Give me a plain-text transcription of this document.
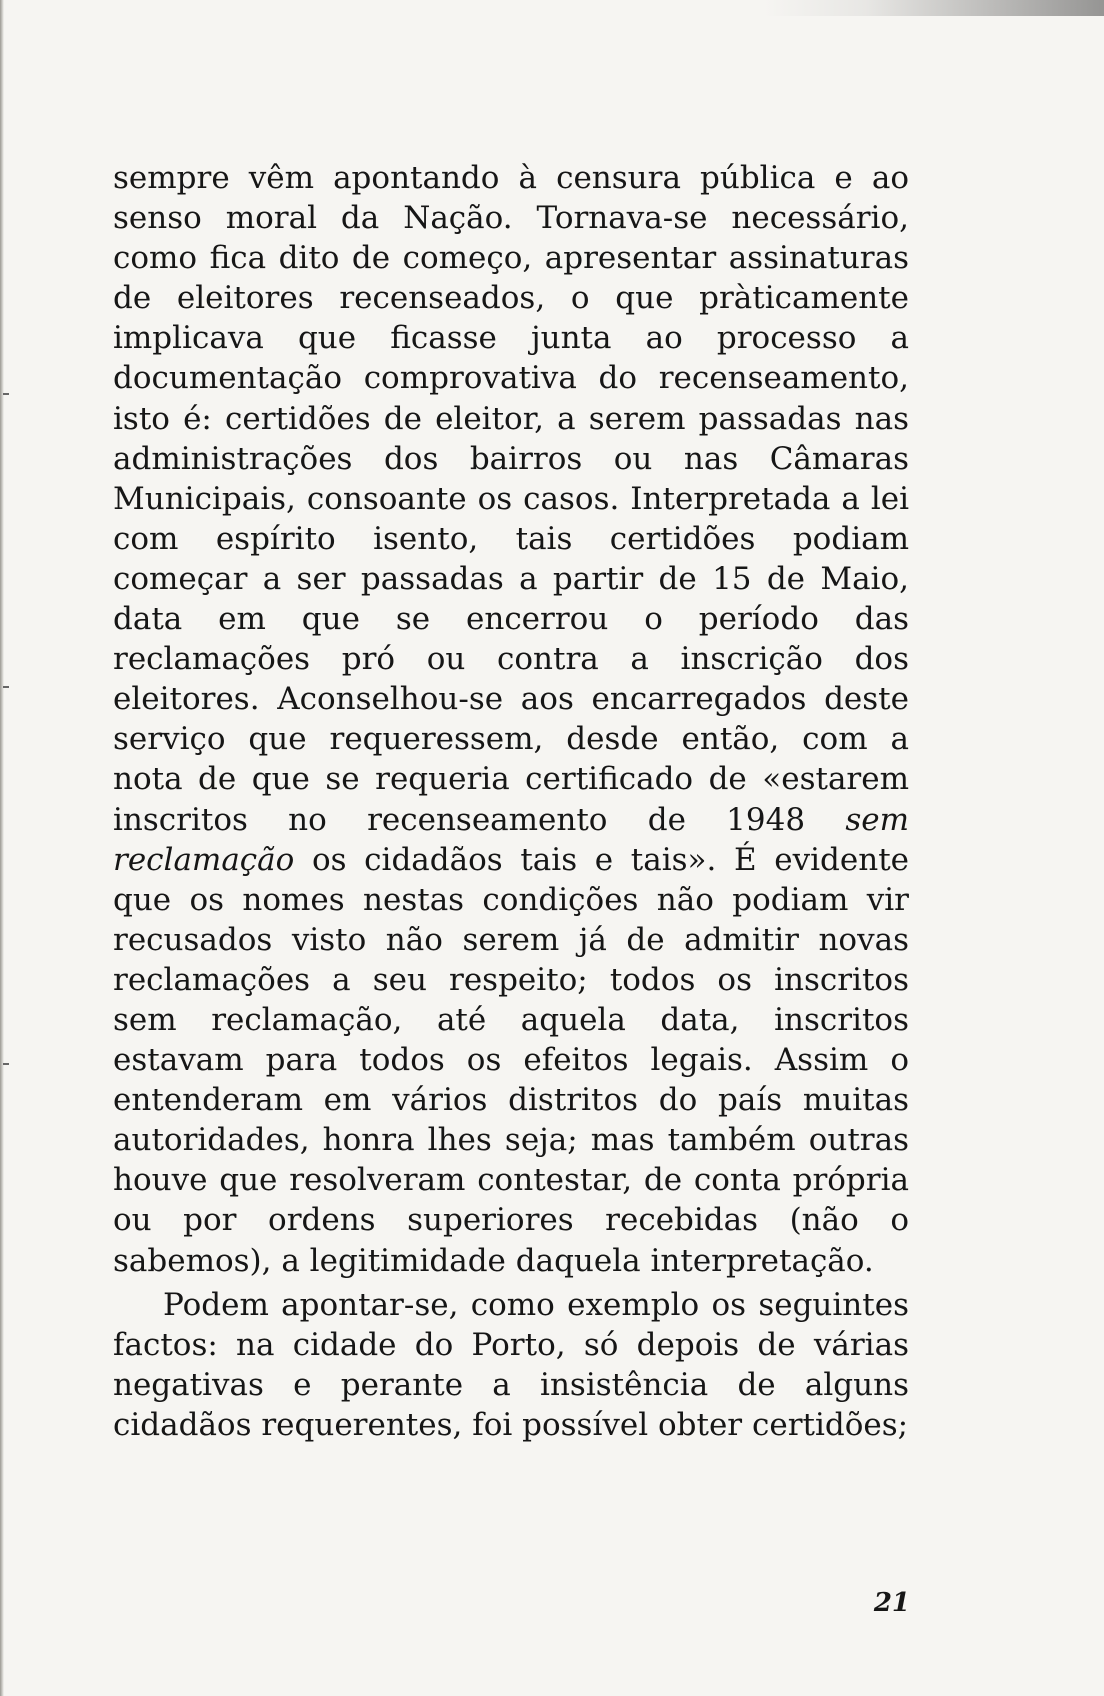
sempre vêm apontando à censura pública e ao senso moral da Nação. Tornava-se necessário, como fica dito de começo, apresentar assinaturas de eleitores recenseados, o que pràticamente implicava que ficasse junta ao processo a documentação comprovativa do recenseamento, isto é: certidões de eleitor, a serem passadas nas administrações dos bairros ou nas Câmaras Municipais, consoante os casos. Interpretada a lei com espírito isento, tais certidões podiam começar a ser passadas a partir de 15 de Maio, data em que se encerrou o período das reclamações pró ou contra a inscrição dos eleitores. Aconselhou-se aos encarregados deste serviço que requeressem, desde então, com a nota de que se requeria certificado de «estarem inscritos no recenseamento de 1948 sem reclamação os cidadãos tais e tais». É evidente que os nomes nestas condições não podiam vir recusados visto não serem já de admitir novas reclamações a seu respeito; todos os inscritos sem reclamação, até aquela data, inscritos estavam para todos os efeitos legais. Assim o entenderam em vários distritos do país muitas autoridades, honra lhes seja; mas também outras houve que resolveram contestar, de conta própria ou por ordens superiores recebidas (não o sabemos), a legitimidade daquela interpretação.

Podem apontar-se, como exemplo os seguintes factos: na cidade do Porto, só depois de várias negativas e perante a insistência de alguns cidadãos requerentes, foi possível obter certidões;

21
